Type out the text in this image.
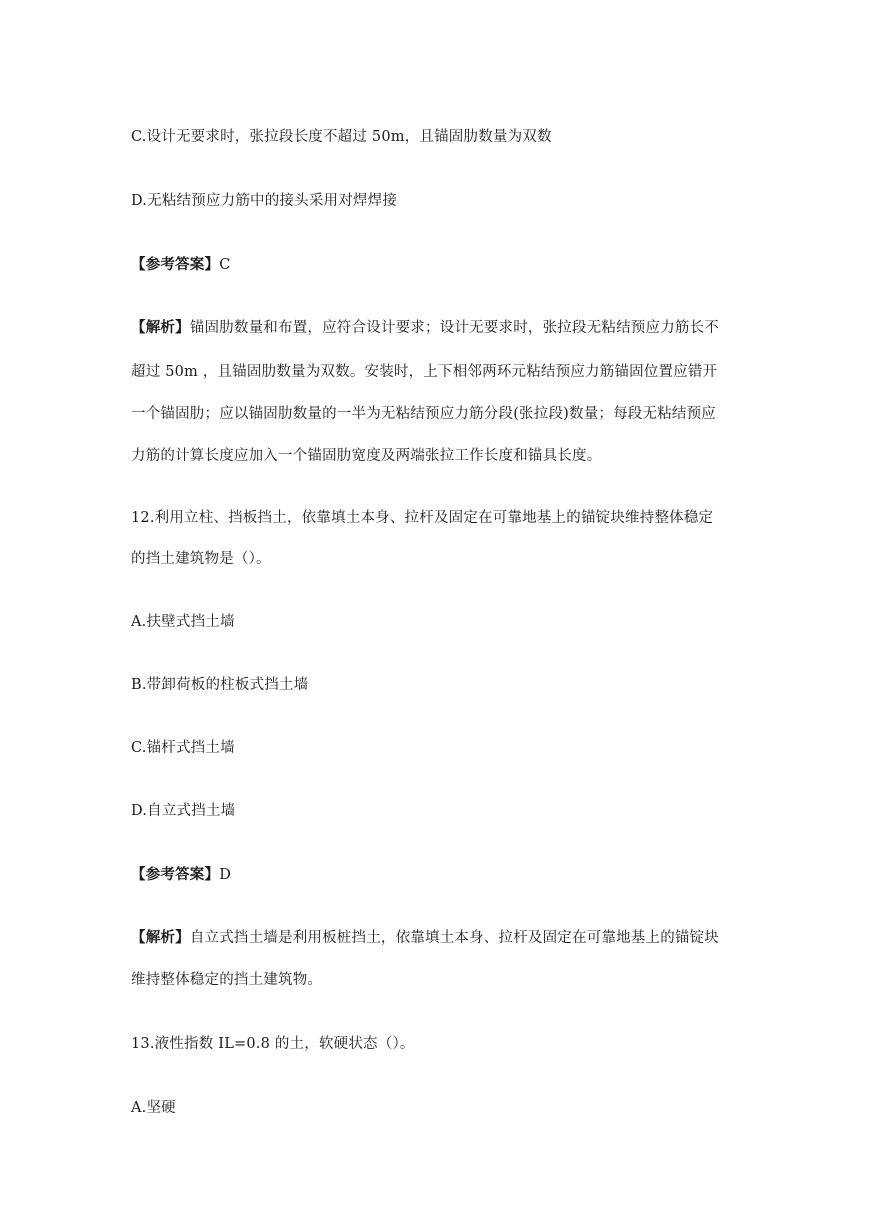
C.设计无要求时，张拉段长度不超过 50m，且锚固肋数量为双数
D.无粘结预应力筋中的接头采用对焊焊接
【参考答案】C
【解析】锚固肋数量和布置，应符合设计要求；设计无要求时，张拉段无粘结预应力筋长不
超过 50m ，且锚固肋数量为双数。安装时，上下相邻两环元粘结预应力筋锚固位置应错开
一个锚固肋；应以锚固肋数量的一半为无粘结预应力筋分段(张拉段)数量；每段无粘结预应
力筋的计算长度应加入一个锚固肋宽度及两端张拉工作长度和锚具长度。
12.利用立柱、挡板挡土，依靠填土本身、拉杆及固定在可靠地基上的锚锭块维持整体稳定
的挡土建筑物是（）。
A.扶壁式挡土墙
B.带卸荷板的柱板式挡土墙
C.锚杆式挡土墙
D.自立式挡土墙
【参考答案】D
【解析】自立式挡土墙是利用板桩挡土，依靠填土本身、拉杆及固定在可靠地基上的锚锭块
维持整体稳定的挡土建筑物。
13.液性指数 IL=0.8 的土，软硬状态（）。
A.坚硬
